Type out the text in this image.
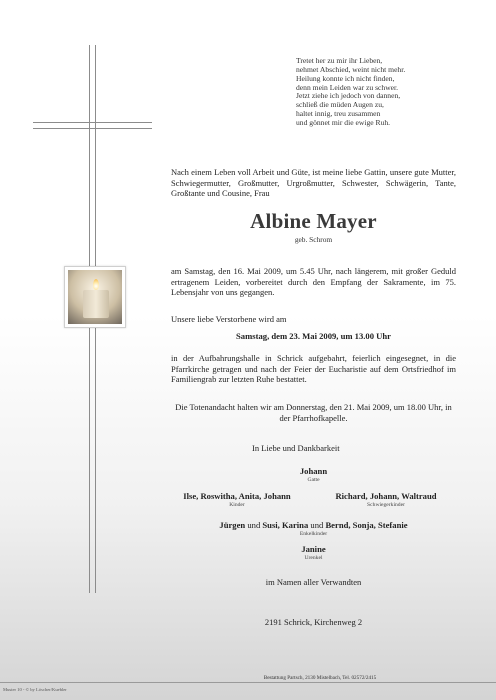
Tretet her zu mir ihr Lieben,
nehmet Abschied, weint nicht mehr.
Heilung konnte ich nicht finden,
denn mein Leiden war zu schwer.
Jetzt ziehe ich jedoch von dannen,
schließ die müden Augen zu,
haltet innig, treu zusammen
und gönnet mir die ewige Ruh.
Nach einem Leben voll Arbeit und Güte, ist meine liebe Gattin, unsere gute Mutter, Schwiegermutter, Großmutter, Urgroßmutter, Schwester, Schwägerin, Tante, Großtante und Cousine, Frau
Albine Mayer
geb. Schrom
am Samstag, den 16. Mai 2009, um 5.45 Uhr, nach längerem, mit großer Geduld ertragenem Leiden, vorbereitet durch den Empfang der Sakramente, im 75. Lebensjahr von uns gegangen.
Unsere liebe Verstorbene wird am
Samstag, dem 23. Mai 2009, um 13.00 Uhr
in der Aufbahrungshalle in Schrick aufgebahrt, feierlich eingesegnet, in die Pfarrkirche getragen und nach der Feier der Eucharistie auf dem Ortsfriedhof im Familiengrab zur letzten Ruhe bestattet.
Die Totenandacht halten wir am Donnerstag, den 21. Mai 2009, um 18.00 Uhr, in der Pfarrhofkapelle.
In Liebe und Dankbarkeit
Johann
Gatte
Ilse, Roswitha, Anita, Johann
Kinder
Richard, Johann, Waltraud
Schwiegerkinder
Jürgen und Susi, Karina und Bernd, Sonja, Stefanie
Enkelkinder
Janine
Urenkel
im Namen aller Verwandten
2191 Schrick, Kirchenweg 2
Bestattung Partsch, 2130 Mistelbach, Tel. 02572/2415
Muster 10 - © by Löscher/Kuebler
